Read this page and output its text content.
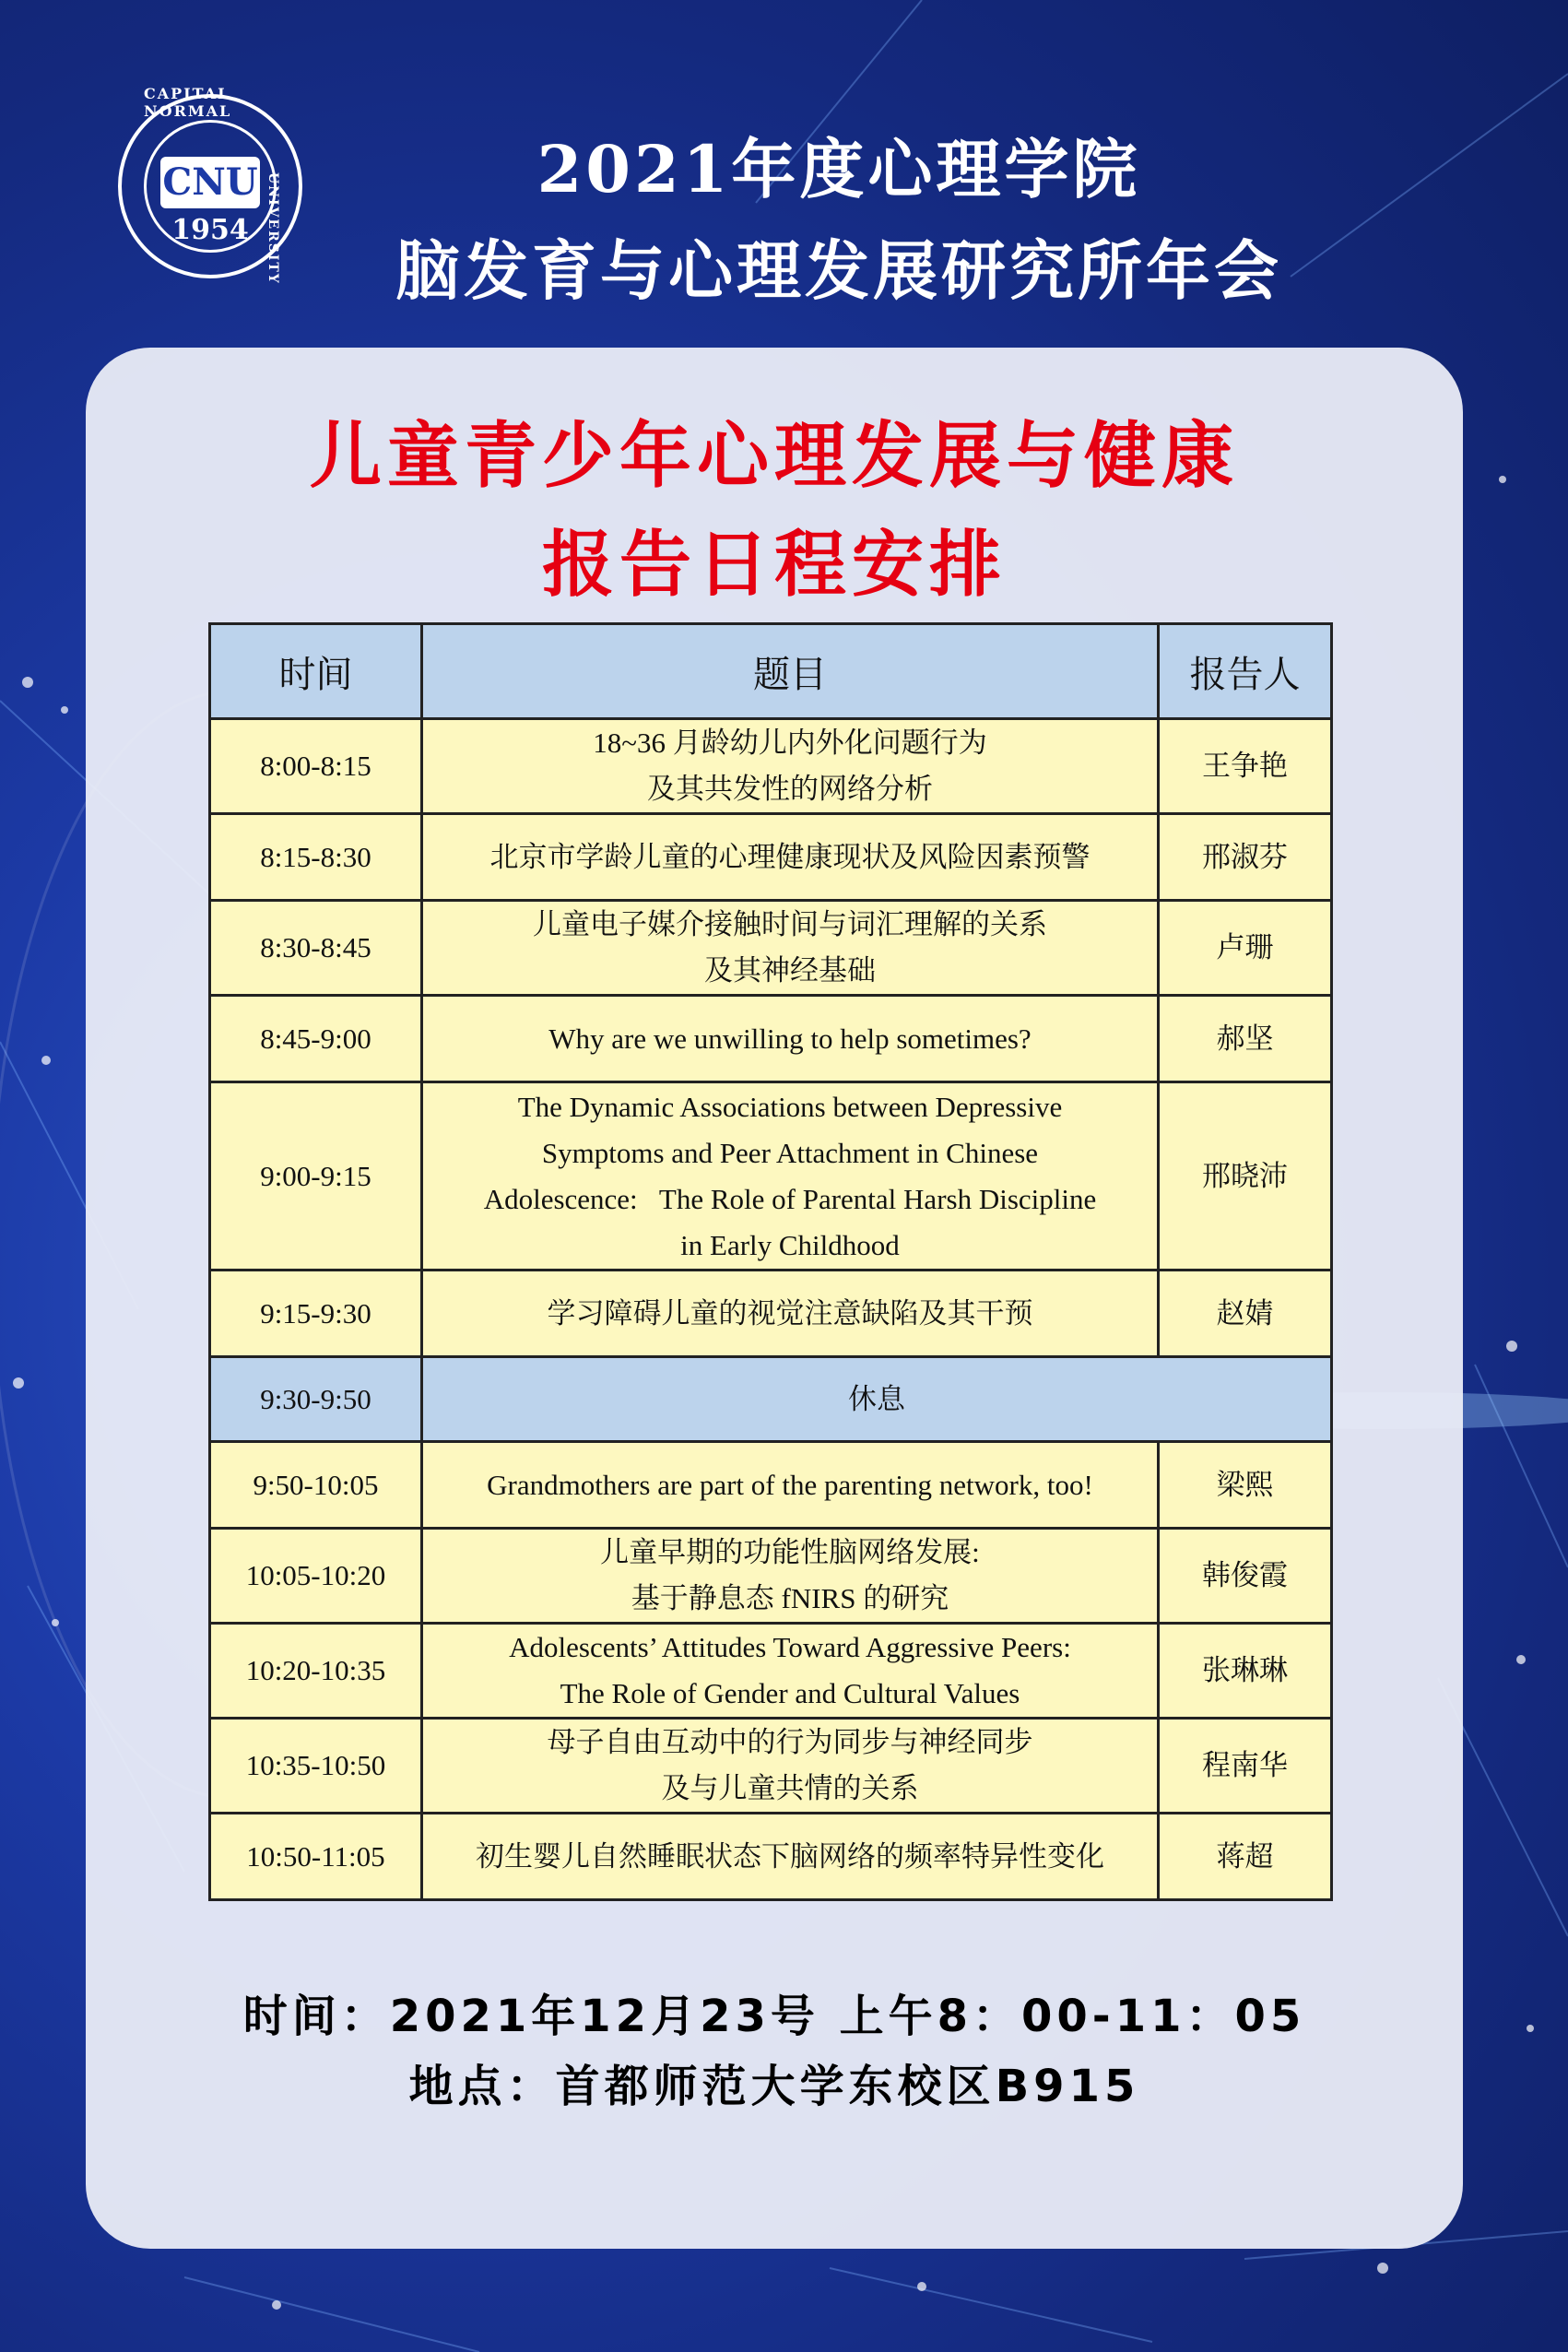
CAPITAL NORMAL
UNIVERSITY
CNU
1954
2021年度心理学院
脑发育与心理发展研究所年会
儿童青少年心理发展与健康
报告日程安排
时间	题目	报告人
8:00-8:15	18~36 月龄幼儿内外化问题行为
及其共发性的网络分析	王争艳
8:15-8:30	北京市学龄儿童的心理健康现状及风险因素预警	邢淑芬
8:30-8:45	儿童电子媒介接触时间与词汇理解的关系
及其神经基础	卢珊
8:45-9:00	Why are we unwilling to help sometimes?	郝坚
9:00-9:15	The Dynamic Associations between Depressive
Symptoms and Peer Attachment in Chinese
Adolescence:   The Role of Parental Harsh Discipline
in Early Childhood	邢晓沛
9:15-9:30	学习障碍儿童的视觉注意缺陷及其干预	赵婧
9:30-9:50	休息	
9:50-10:05	Grandmothers are part of the parenting network, too!	梁熙
10:05-10:20	儿童早期的功能性脑网络发展:
基于静息态 fNIRS 的研究	韩俊霞
10:20-10:35	Adolescents’ Attitudes Toward Aggressive Peers:
The Role of Gender and Cultural Values	张琳琳
10:35-10:50	母子自由互动中的行为同步与神经同步
及与儿童共情的关系	程南华
10:50-11:05	初生婴儿自然睡眠状态下脑网络的频率特异性变化	蒋超
时间：2021年12月23号 上午8：00-11：05
地点：首都师范大学东校区B915
